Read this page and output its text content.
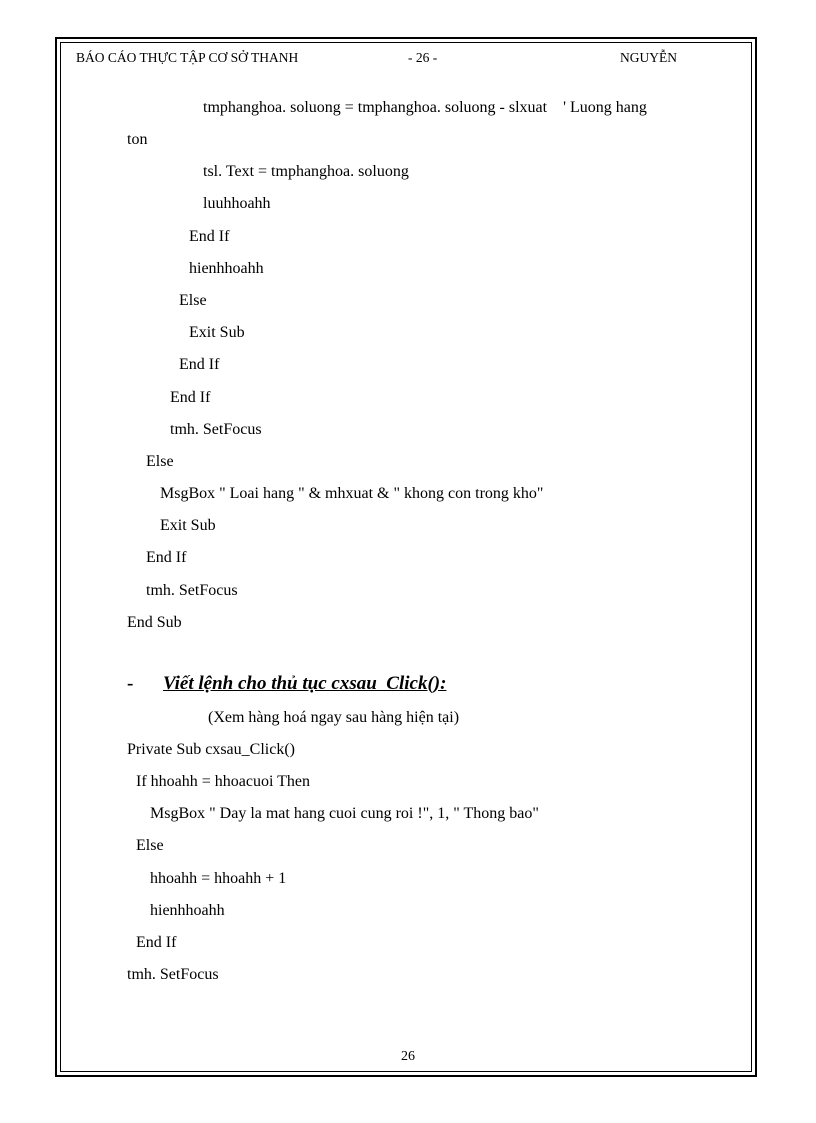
BÁO CÁO THỰC TẬP CƠ SỞ THANH	- 26 -	NGUYỄN
tmphanghoa. soluong = tmphanghoa. soluong - slxuat    ' Luong hang
ton
tsl. Text = tmphanghoa. soluong
luuhhoahh
End If
hienhhoahh
Else
Exit Sub
End If
End If
tmh. SetFocus
Else
MsgBox " Loai hang " & mhxuat & " khong con trong kho"
Exit Sub
End If
tmh. SetFocus
End Sub
- Viết lệnh cho thủ tục cxsau  Click():
(Xem hàng hoá ngay sau hàng hiện tại)
Private Sub cxsau_Click()
If hhoahh = hhoacuoi Then
MsgBox " Day la mat hang cuoi cung roi !", 1, " Thong bao"
Else
hhoahh = hhoahh + 1
hienhhoahh
End If
tmh. SetFocus
26
